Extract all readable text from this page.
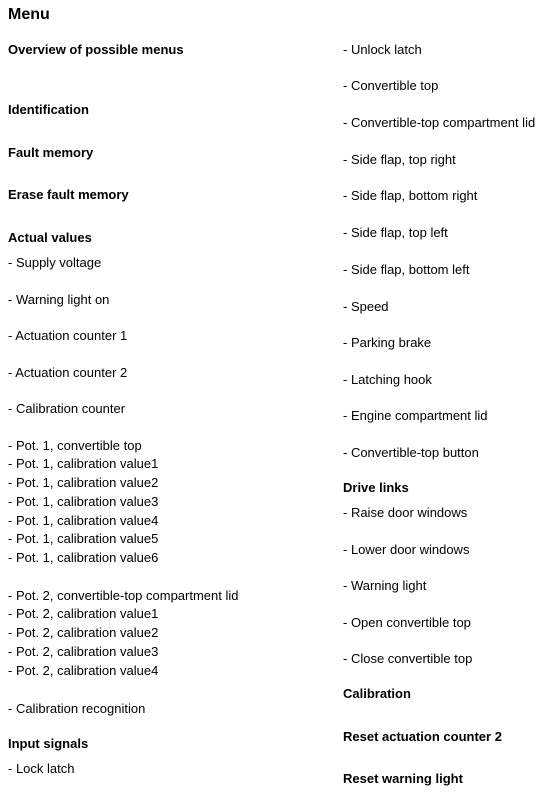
Menu
Overview of possible menus
Identification
Fault memory
Erase fault memory
Actual values
- Supply voltage
- Warning light on
- Actuation counter 1
- Actuation counter 2
- Calibration counter
- Pot. 1, convertible top
- Pot. 1, calibration value1
- Pot. 1, calibration value2
- Pot. 1, calibration value3
- Pot. 1, calibration value4
- Pot. 1, calibration value5
- Pot. 1, calibration value6
- Pot. 2, convertible-top compartment lid
- Pot. 2, calibration value1
- Pot. 2, calibration value2
- Pot. 2, calibration value3
- Pot. 2, calibration value4
- Calibration recognition
Input signals
- Lock latch
- Unlock latch
- Convertible top
- Convertible-top compartment lid
- Side flap, top right
- Side flap, bottom right
- Side flap, top left
- Side flap, bottom left
- Speed
- Parking brake
- Latching hook
- Engine compartment lid
- Convertible-top button
Drive links
- Raise door windows
- Lower door windows
- Warning light
- Open convertible top
- Close convertible top
Calibration
Reset actuation counter 2
Reset warning light
